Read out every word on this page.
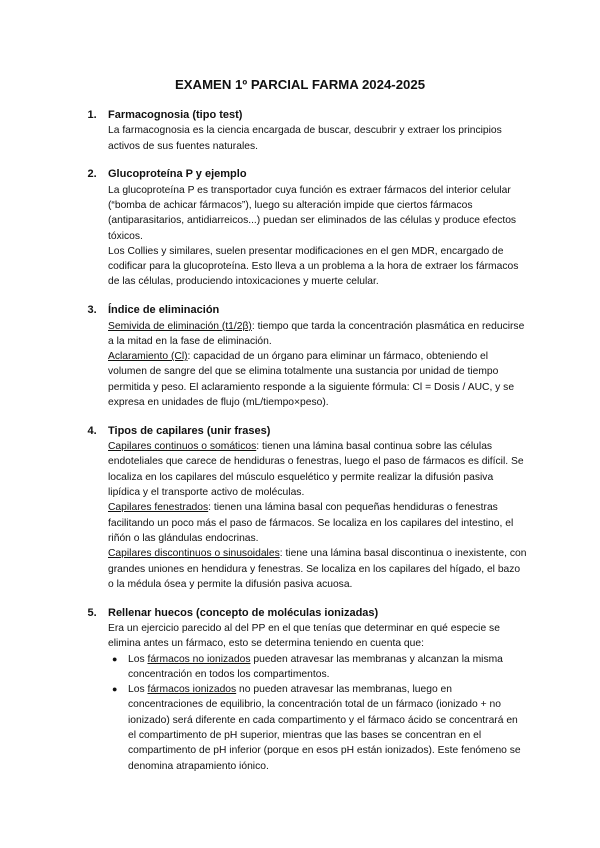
EXAMEN 1º PARCIAL FARMA 2024-2025
1.	Farmacognosia (tipo test)

La farmacognosia es la ciencia encargada de buscar, descubrir y extraer los principios activos de sus fuentes naturales.

2.	Glucoproteína P y ejemplo

La glucoproteína P es transportador cuya función es extraer fármacos del interior celular (“bomba de achicar fármacos”), luego su alteración impide que ciertos fármacos (antiparasitarios, antidiarreicos...) puedan ser eliminados de las células y produce efectos tóxicos.

Los Collies y similares, suelen presentar modificaciones en el gen MDR, encargado de codificar para la glucoproteína. Esto lleva a un problema a la hora de extraer los fármacos de las células, produciendo intoxicaciones y muerte celular.

3.	Índice de eliminación

Semivida de eliminación (t1/2β): tiempo que tarda la concentración plasmática en reducirse a la mitad en la fase de eliminación.

Aclaramiento (Cl): capacidad de un órgano para eliminar un fármaco, obteniendo el volumen de sangre del que se elimina totalmente una sustancia por unidad de tiempo permitida y peso. El aclaramiento responde a la siguiente fórmula: Cl = Dosis / AUC, y se expresa en unidades de flujo (mL/tiempo×peso).

4.	Tipos de capilares (unir frases)

Capilares continuos o somáticos: tienen una lámina basal continua sobre las células endoteliales que carece de hendiduras o fenestras, luego el paso de fármacos es difícil. Se localiza en los capilares del músculo esquelético y permite realizar la difusión pasiva lipídica y el transporte activo de moléculas.

Capilares fenestrados: tienen una lámina basal con pequeñas hendiduras o fenestras facilitando un poco más el paso de fármacos. Se localiza en los capilares del intestino, el riñón o las glándulas endocrinas.

Capilares discontinuos o sinusoidales: tiene una lámina basal discontinua o inexistente, con grandes uniones en hendidura y fenestras. Se localiza en los capilares del hígado, el bazo o la médula ósea y permite la difusión pasiva acuosa.

5.	Rellenar huecos (concepto de moléculas ionizadas)

Era un ejercicio parecido al del PP en el que tenías que determinar en qué especie se elimina antes un fármaco, esto se determina teniendo en cuenta que:

● Los fármacos no ionizados pueden atravesar las membranas y alcanzan la misma concentración en todos los compartimentos.
● Los fármacos ionizados no pueden atravesar las membranas, luego en concentraciones de equilibrio, la concentración total de un fármaco (ionizado + no ionizado) será diferente en cada compartimento y el fármaco ácido se concentrará en el compartimento de pH superior, mientras que las bases se concentran en el compartimento de pH inferior (porque en esos pH están ionizados). Este fenómeno se denomina atrapamiento iónico.
